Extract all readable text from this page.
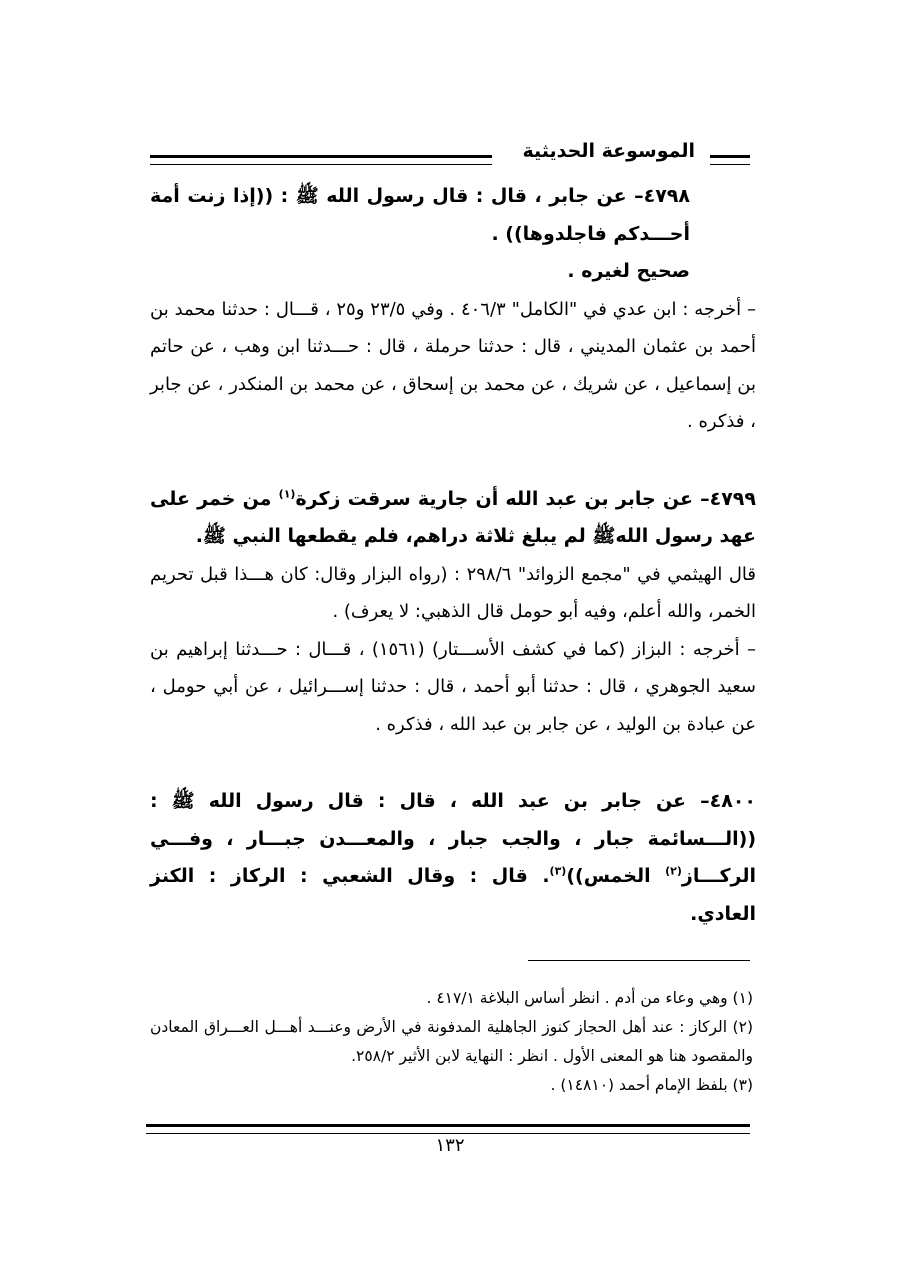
الموسوعة الحديثية

٤٧٩٨– عن جابر ، قال : قال رسول الله ﷺ : ((إذا زنت أمة أحـــدكم فاجلدوها)) .

صحيح لغيره .

– أخرجه : ابن عدي في "الكامل" ٤٠٦/٣ . وفي ٢٣/٥ و٢٥ ، قـــال : حدثنا محمد بن أحمد بن عثمان المديني ، قال : حدثنا حرملة ، قال : حـــدثنا ابن وهب ، عن حاتم بن إسماعيل ، عن شريك ، عن محمد بن إسحاق ، عن محمد بن المنكدر ، عن جابر ، فذكره .

٤٧٩٩– عن جابر بن عبد الله أن جارية سرقت زكرة$^{(١)}$ من خمر على عهد رسول اللهﷺ لم يبلغ ثلاثة دراهم، فلم يقطعها النبي ﷺ.

قال الهيثمي في "مجمع الزوائد" ٢٩٨/٦ : (رواه البزار وقال: كان هـــذا قبل تحريم الخمر، والله أعلم، وفيه أبو حومل قال الذهبي: لا يعرف) .

– أخرجه : البزاز (كما في كشف الأســـتار) (١٥٦١) ، قـــال : حـــدثنا إبراهيم بن سعيد الجوهري ، قال : حدثنا أبو أحمد ، قال : حدثنا إســـرائيل ، عن أبي حومل ، عن عبادة بن الوليد ، عن جابر بن عبد الله ، فذكره .

٤٨٠٠– عن جابر بن عبد الله ، قال : قال رسول الله ﷺ : ((الـــسائمة جبار ، والجب جبار ، والمعـــدن جبـــار ، وفـــي الركـــاز$^{(٢)}$ الخمس))$^{(٣)}$. قال : وقال الشعبي : الركاز : الكنز العادي.

(١) وهي وعاء من أدم . انظر أساس البلاغة ٤١٧/١ .

(٢) الركاز : عند أهل الحجاز كنوز الجاهلية المدفونة في الأرض وعنـــد أهـــل العـــراق المعادن والمقصود هنا هو المعنى الأول . انظر : النهاية لابن الأثير ٢٥٨/٢.

(٣) بلفظ الإمام أحمد (١٤٨١٠) .

١٣٢
